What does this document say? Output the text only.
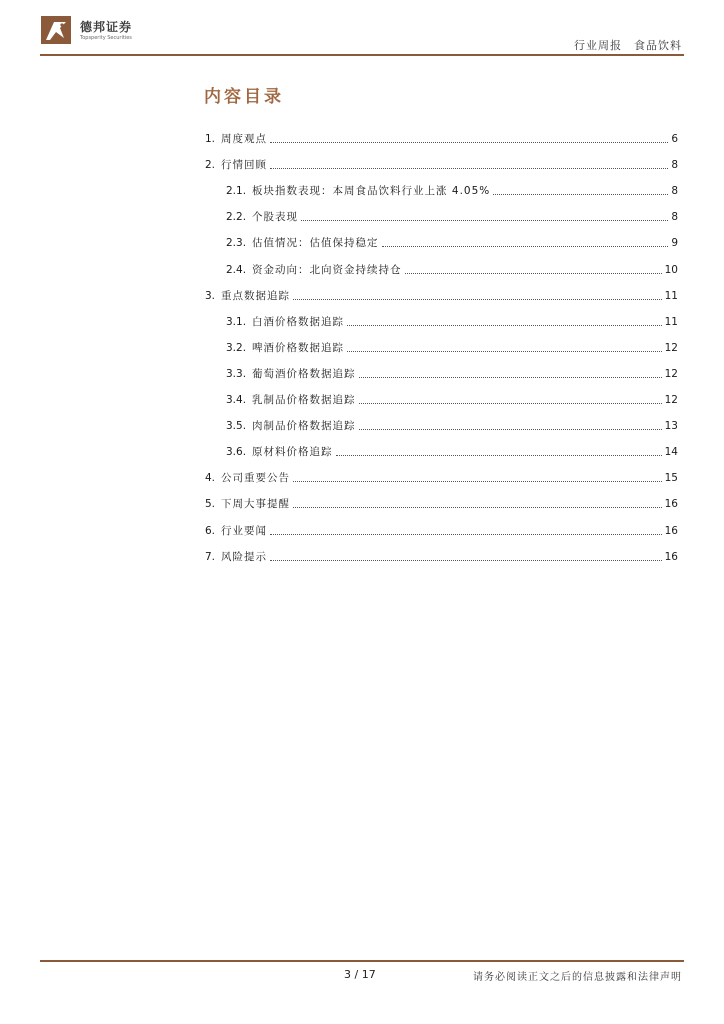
德邦证券
Topsperity Securities
行业周报 食品饮料
内容目录
1. 周度观点	6
2. 行情回顾	8
2.1. 板块指数表现：本周食品饮料行业上涨 4.05%	8
2.2. 个股表现	8
2.3. 估值情况：估值保持稳定	9
2.4. 资金动向：北向资金持续持仓	10
3. 重点数据追踪	11
3.1. 白酒价格数据追踪	11
3.2. 啤酒价格数据追踪	12
3.3. 葡萄酒价格数据追踪	12
3.4. 乳制品价格数据追踪	12
3.5. 肉制品价格数据追踪	13
3.6. 原材料价格追踪	14
4. 公司重要公告	15
5. 下周大事提醒	16
6. 行业要闻	16
7. 风险提示	16
3 / 17	请务必阅读正文之后的信息披露和法律声明
